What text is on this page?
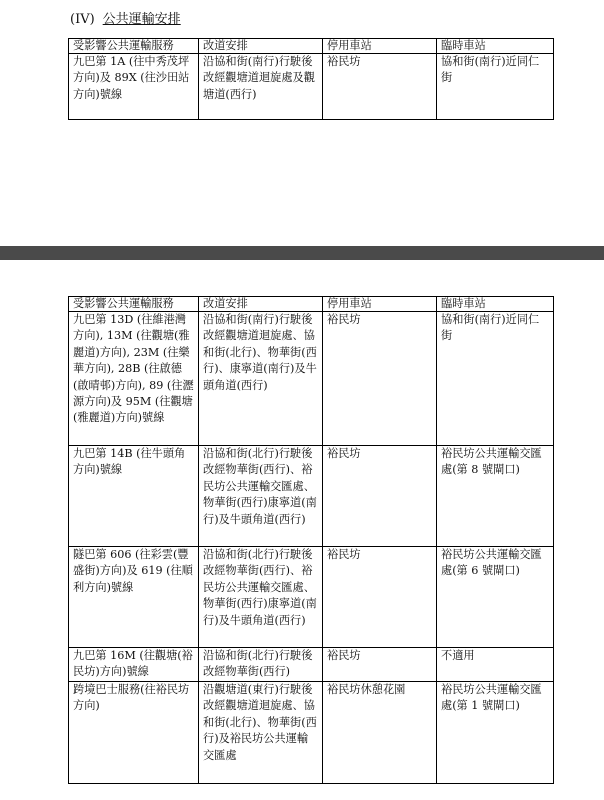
(IV) 公共運輸安排
受影響公共運輸服務	改道安排	停用車站	臨時車站
九巴第 1A (往中秀茂坪方向)及 89X (往沙田站方向)號線	沿協和街(南行)行駛後改經觀塘道迴旋處及觀塘道(西行)	裕民坊	協和街(南行)近同仁街
受影響公共運輸服務	改道安排	停用車站	臨時車站
九巴第 13D (往維港灣方向), 13M (往觀塘(雅麗道)方向), 23M (往樂華方向), 28B (往啟德(啟晴邨)方向), 89 (往瀝源方向)及 95M (往觀塘(雅麗道)方向)號線	沿協和街(南行)行駛後改經觀塘道迴旋處、協和街(北行)、物華街(西行)、康寧道(南行)及牛頭角道(西行)	裕民坊	協和街(南行)近同仁街
九巴第 14B (往牛頭角方向)號線	沿協和街(北行)行駛後改經物華街(西行)、裕民坊公共運輸交匯處、物華街(西行)康寧道(南行)及牛頭角道(西行)	裕民坊	裕民坊公共運輸交匯處(第 8 號閘口)
隧巴第 606 (往彩雲(豐盛街)方向)及 619 (往順利方向)號線	沿協和街(北行)行駛後改經物華街(西行)、裕民坊公共運輸交匯處、物華街(西行)康寧道(南行)及牛頭角道(西行)	裕民坊	裕民坊公共運輸交匯處(第 6 號閘口)
九巴第 16M (往觀塘(裕民坊)方向)號線	沿協和街(北行)行駛後改經物華街(西行)	裕民坊	不適用
跨境巴士服務(往裕民坊方向)	沿觀塘道(東行)行駛後改經觀塘道迴旋處、協和街(北行)、物華街(西行)及裕民坊公共運輸交匯處	裕民坊休憩花園	裕民坊公共運輸交匯處(第 1 號閘口)
